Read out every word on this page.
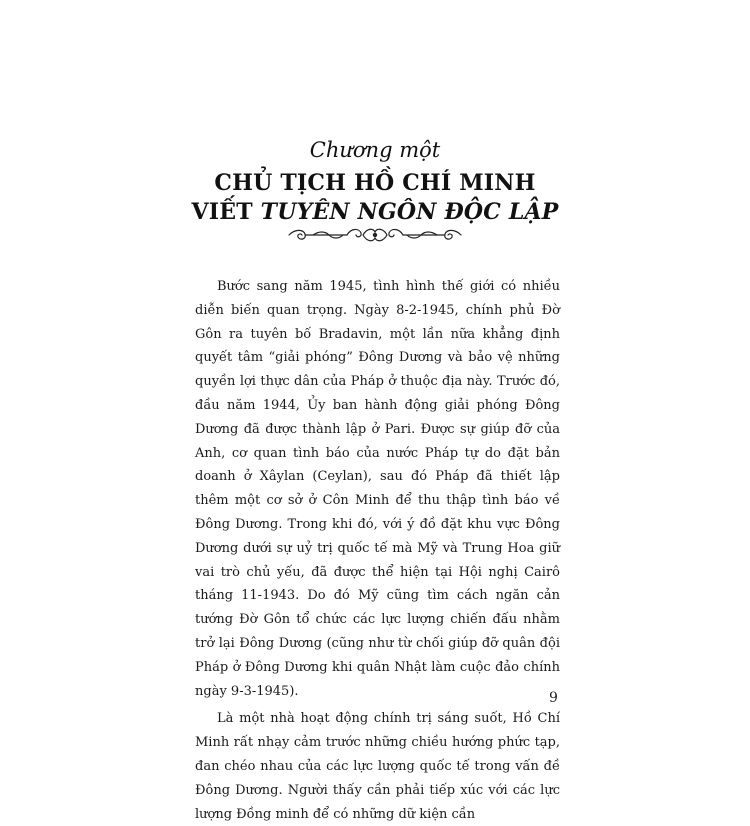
Chương một
CHỦ TỊCH HỒ CHÍ MINH
VIẾT TUYÊN NGÔN ĐỘC LẬP

Bước sang năm 1945, tình hình thế giới có nhiều diễn biến quan trọng. Ngày 8-2-1945, chính phủ Đờ Gôn ra tuyên bố Bradavin, một lần nữa khẳng định quyết tâm “giải phóng” Đông Dương và bảo vệ những quyền lợi thực dân của Pháp ở thuộc địa này. Trước đó, đầu năm 1944, Ủy ban hành động giải phóng Đông Dương đã được thành lập ở Pari. Được sự giúp đỡ của Anh, cơ quan tình báo của nước Pháp tự do đặt bản doanh ở Xâylan (Ceylan), sau đó Pháp đã thiết lập thêm một cơ sở ở Côn Minh để thu thập tình báo về Đông Dương. Trong khi đó, với ý đồ đặt khu vực Đông Dương dưới sự uỷ trị quốc tế mà Mỹ và Trung Hoa giữ vai trò chủ yếu, đã được thể hiện tại Hội nghị Cairô tháng 11-1943. Do đó Mỹ cũng tìm cách ngăn cản tướng Đờ Gôn tổ chức các lực lượng chiến đấu nhằm trở lại Đông Dương (cũng như từ chối giúp đỡ quân đội Pháp ở Đông Dương khi quân Nhật làm cuộc đảo chính ngày 9-3-1945).

Là một nhà hoạt động chính trị sáng suốt, Hồ Chí Minh rất nhạy cảm trước những chiều hướng phức tạp, đan chéo nhau của các lực lượng quốc tế trong vấn đề Đông Dương. Người thấy cần phải tiếp xúc với các lực lượng Đồng minh để có những dữ kiện cần

9
